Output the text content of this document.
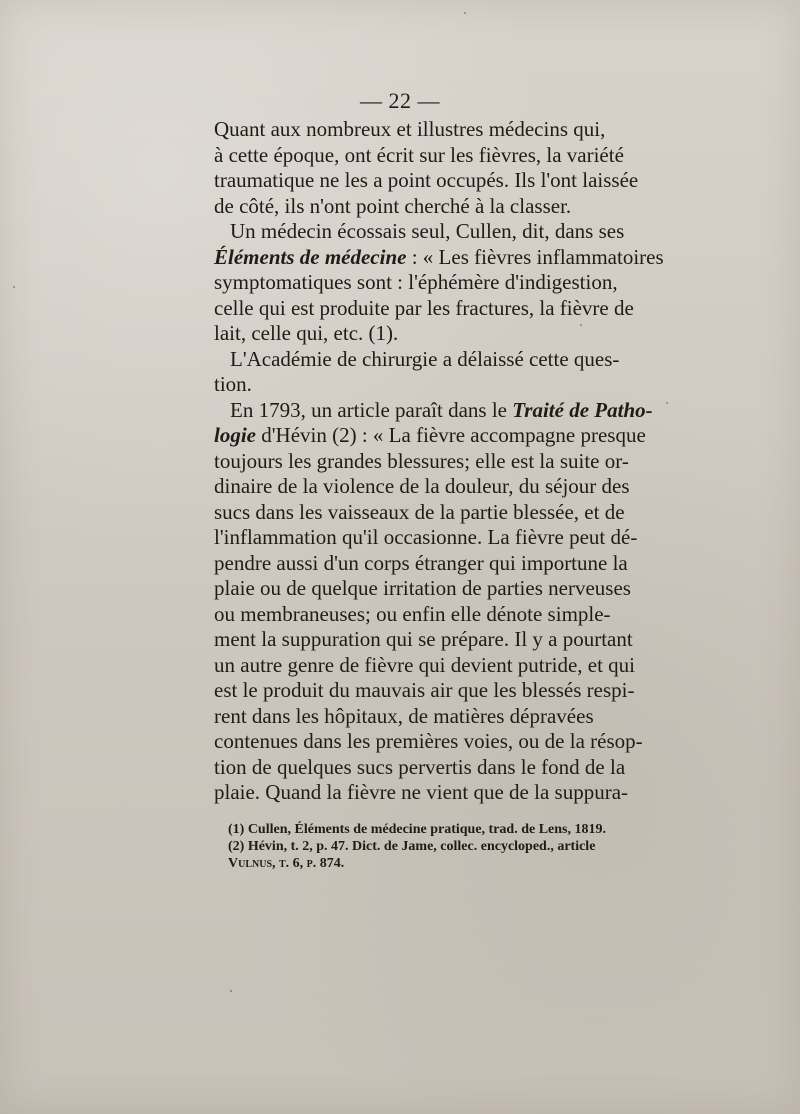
— 22 —
Quant aux nombreux et illustres médecins qui,
à cette époque, ont écrit sur les fièvres, la variété
traumatique ne les a point occupés. Ils l'ont laissée
de côté, ils n'ont point cherché à la classer.
Un médecin écossais seul, Cullen, dit, dans ses
Éléments de médecine : « Les fièvres inflammatoires
symptomatiques sont : l'éphémère d'indigestion,
celle qui est produite par les fractures, la fièvre de
lait, celle qui, etc. (1).
L'Académie de chirurgie a délaissé cette ques-
tion.
En 1793, un article paraît dans le Traité de Patho-
logie d'Hévin (2) : « La fièvre accompagne presque
toujours les grandes blessures; elle est la suite or-
dinaire de la violence de la douleur, du séjour des
sucs dans les vaisseaux de la partie blessée, et de
l'inflammation qu'il occasionne. La fièvre peut dé-
pendre aussi d'un corps étranger qui importune la
plaie ou de quelque irritation de parties nerveuses
ou membraneuses; ou enfin elle dénote simple-
ment la suppuration qui se prépare. Il y a pourtant
un autre genre de fièvre qui devient putride, et qui
est le produit du mauvais air que les blessés respi-
rent dans les hôpitaux, de matières dépravées
contenues dans les premières voies, ou de la résop-
tion de quelques sucs pervertis dans le fond de la
plaie. Quand la fièvre ne vient que de la suppura-
(1) Cullen, Éléments de médecine pratique, trad. de Lens, 1819.
(2) Hévin, t. 2, p. 47. Dict. de Jame, collec. encycloped., article
Vulnus, t. 6, p. 874.
